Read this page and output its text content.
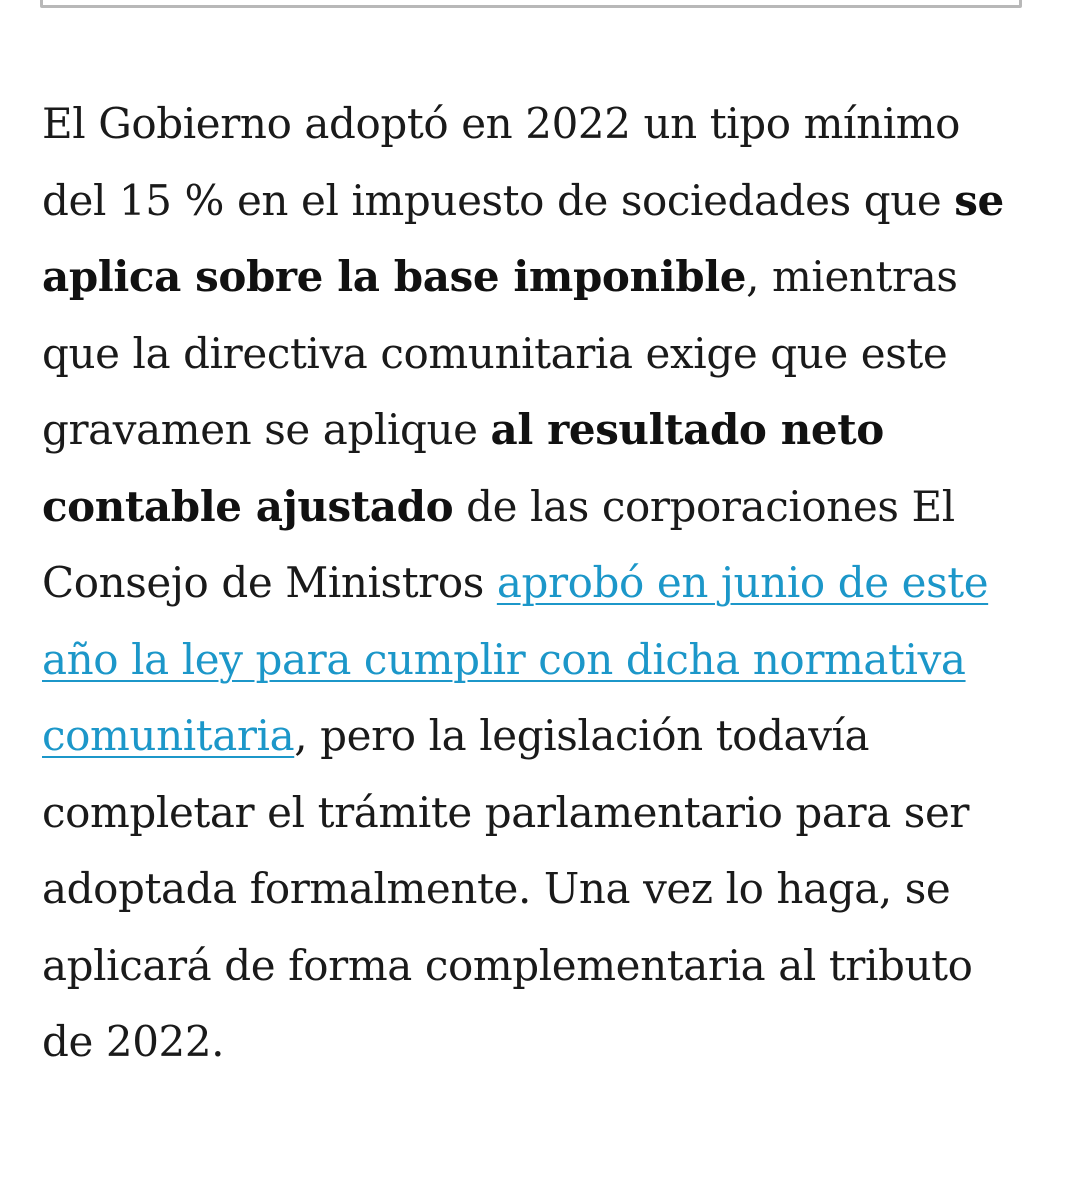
El Gobierno adoptó en 2022 un tipo mínimo del 15 % en el impuesto de sociedades que se aplica sobre la base imponible, mientras que la directiva comunitaria exige que este gravamen se aplique al resultado neto contable ajustado de las corporaciones El Consejo de Ministros aprobó en junio de este año la ley para cumplir con dicha normativa comunitaria, pero la legislación todavía completar el trámite parlamentario para ser adoptada formalmente. Una vez lo haga, se aplicará de forma complementaria al tributo de 2022.
